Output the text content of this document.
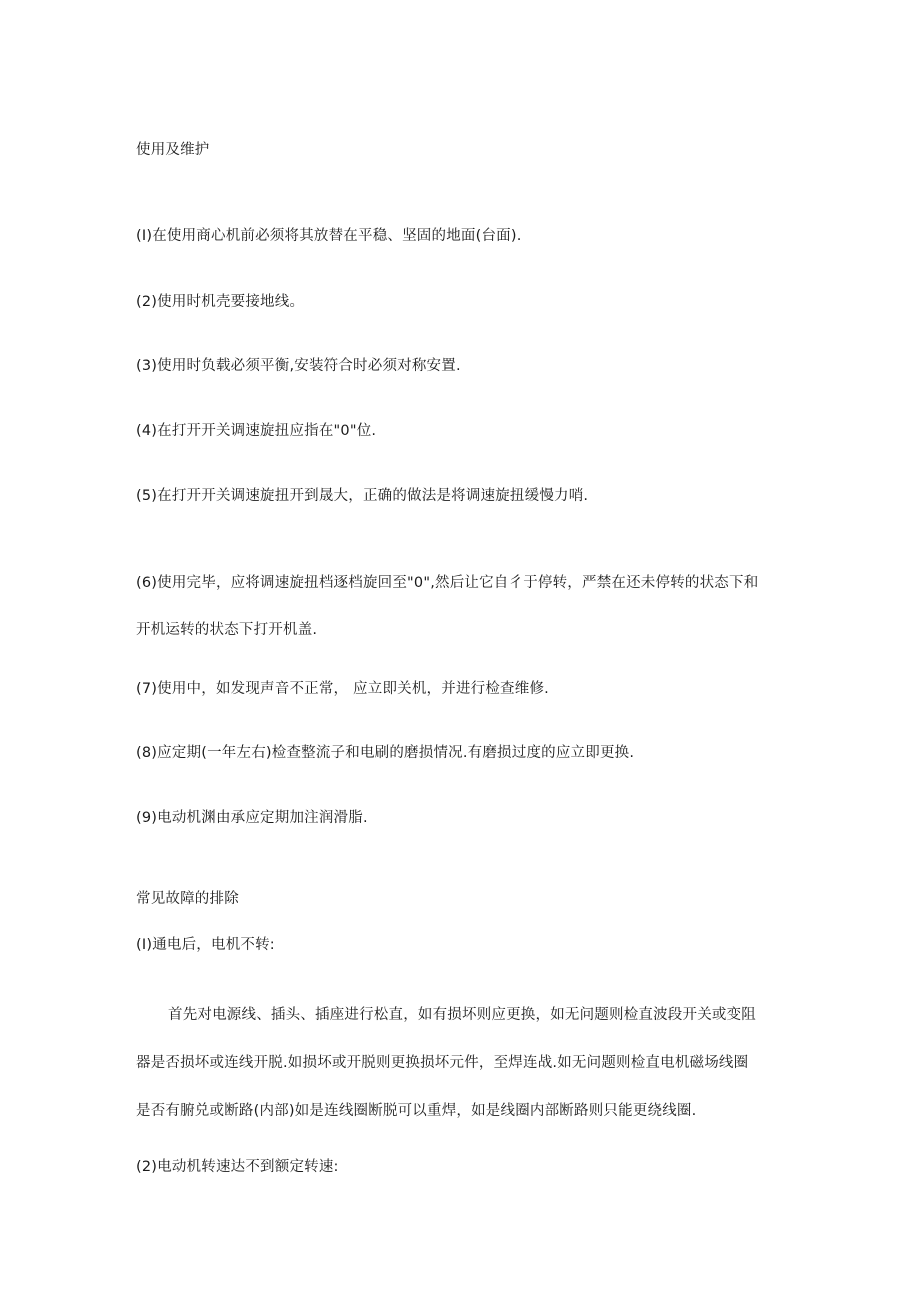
使用及维护
(I)在使用商心机前必须将其放替在平稳、坚固的地面(台面).
(2)使用时机壳要接地线。
(3)使用时负载必须平衡,安装符合时必须对称安置.
(4)在打开开关调速旋扭应指在"0"位.
(5)在打开开关调速旋扭开到晟大，正确的做法是将调速旋扭缓慢力哨.
(6)使用完毕，应将调速旋扭档逐档旋回至"0",然后让它自彳于停转，严禁在还未停转的状态下和
开机运转的状态下打开机盖.
(7)使用中，如发现声音不正常， 应立即关机，并进行检查维修.
(8)应定期(一年左右)检查整流子和电刷的磨损情况.有磨损过度的应立即更换.
(9)电动机渊由承应定期加注润滑脂.
常见故障的排除
(I)通电后，电机不转:
首先对电源线、插头、插座进行松直，如有损坏则应更换，如无问题则检直波段开关或变阻
器是否损坏或连线开脱.如损坏或开脱则更换损坏元件，至焊连战.如无问题则检直电机磁场线圈
是否有腑兑或断路(内部)如是连线圈断脱可以重焊，如是线圈内部断路则只能更绕线圈.
(2)电动机转速达不到额定转速:
